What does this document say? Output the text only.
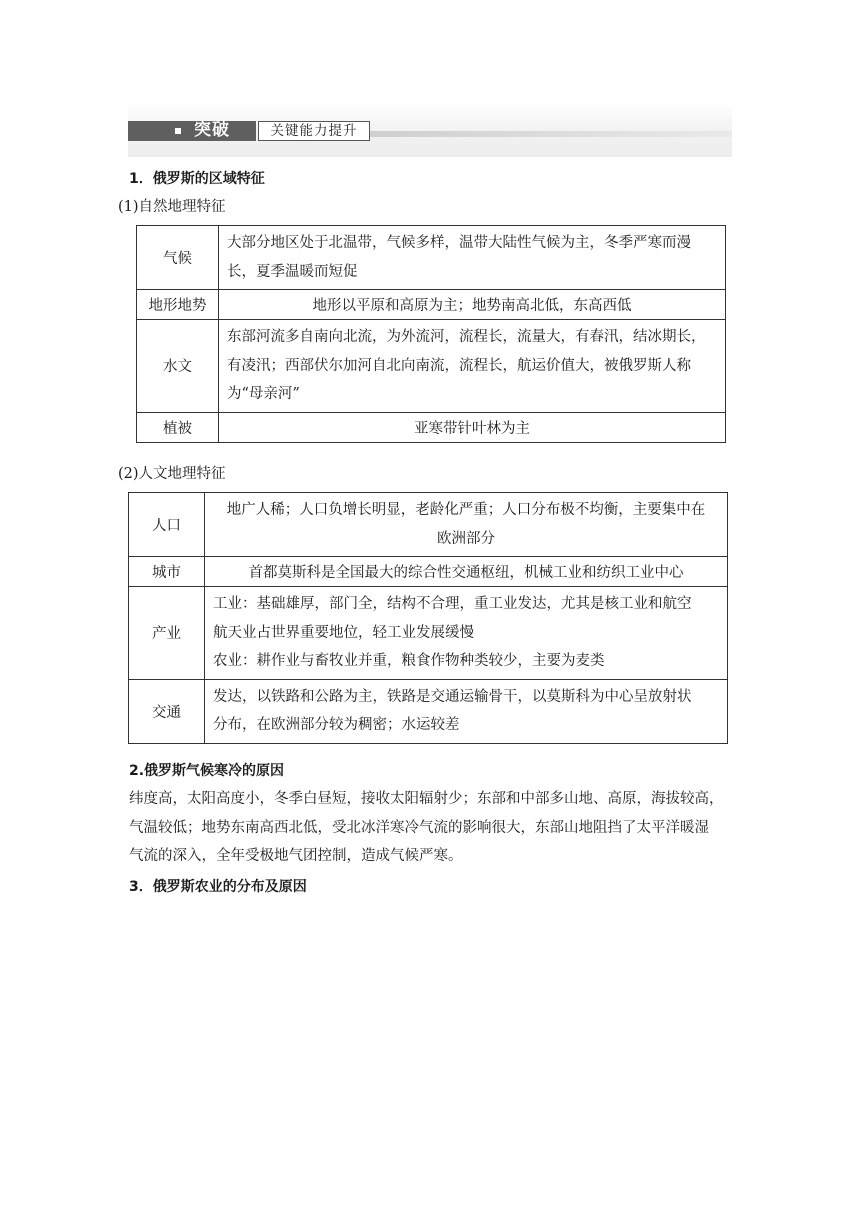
突破	关键能力提升
1．俄罗斯的区域特征
(1)自然地理特征
气候	大部分地区处于北温带，气候多样，温带大陆性气候为主，冬季严寒而漫
长，夏季温暖而短促

地形地势	地形以平原和高原为主；地势南高北低，东高西低
水文	东部河流多自南向北流，为外流河，流程长，流量大，有春汛，结冰期长，
有凌汛；西部伏尔加河自北向南流，流程长，航运价值大，被俄罗斯人称
为“母亲河”

植被	亚寒带针叶林为主
(2)人文地理特征
人口	地广人稀；人口负增长明显，老龄化严重；人口分布极不均衡，主要集中在
欧洲部分

城市	首都莫斯科是全国最大的综合性交通枢纽，机械工业和纺织工业中心
产业	工业：基础雄厚，部门全，结构不合理，重工业发达，尤其是核工业和航空
航天业占世界重要地位，轻工业发展缓慢
农业：耕作业与畜牧业并重，粮食作物种类较少，主要为麦类

交通	发达，以铁路和公路为主，铁路是交通运输骨干，以莫斯科为中心呈放射状
分布，在欧洲部分较为稠密；水运较差
2.俄罗斯气候寒冷的原因
纬度高，太阳高度小，冬季白昼短，接收太阳辐射少；东部和中部多山地、高原，海拔较高，
气温较低；地势东南高西北低，受北冰洋寒冷气流的影响很大，东部山地阻挡了太平洋暖湿
气流的深入，全年受极地气团控制，造成气候严寒。
3．俄罗斯农业的分布及原因
